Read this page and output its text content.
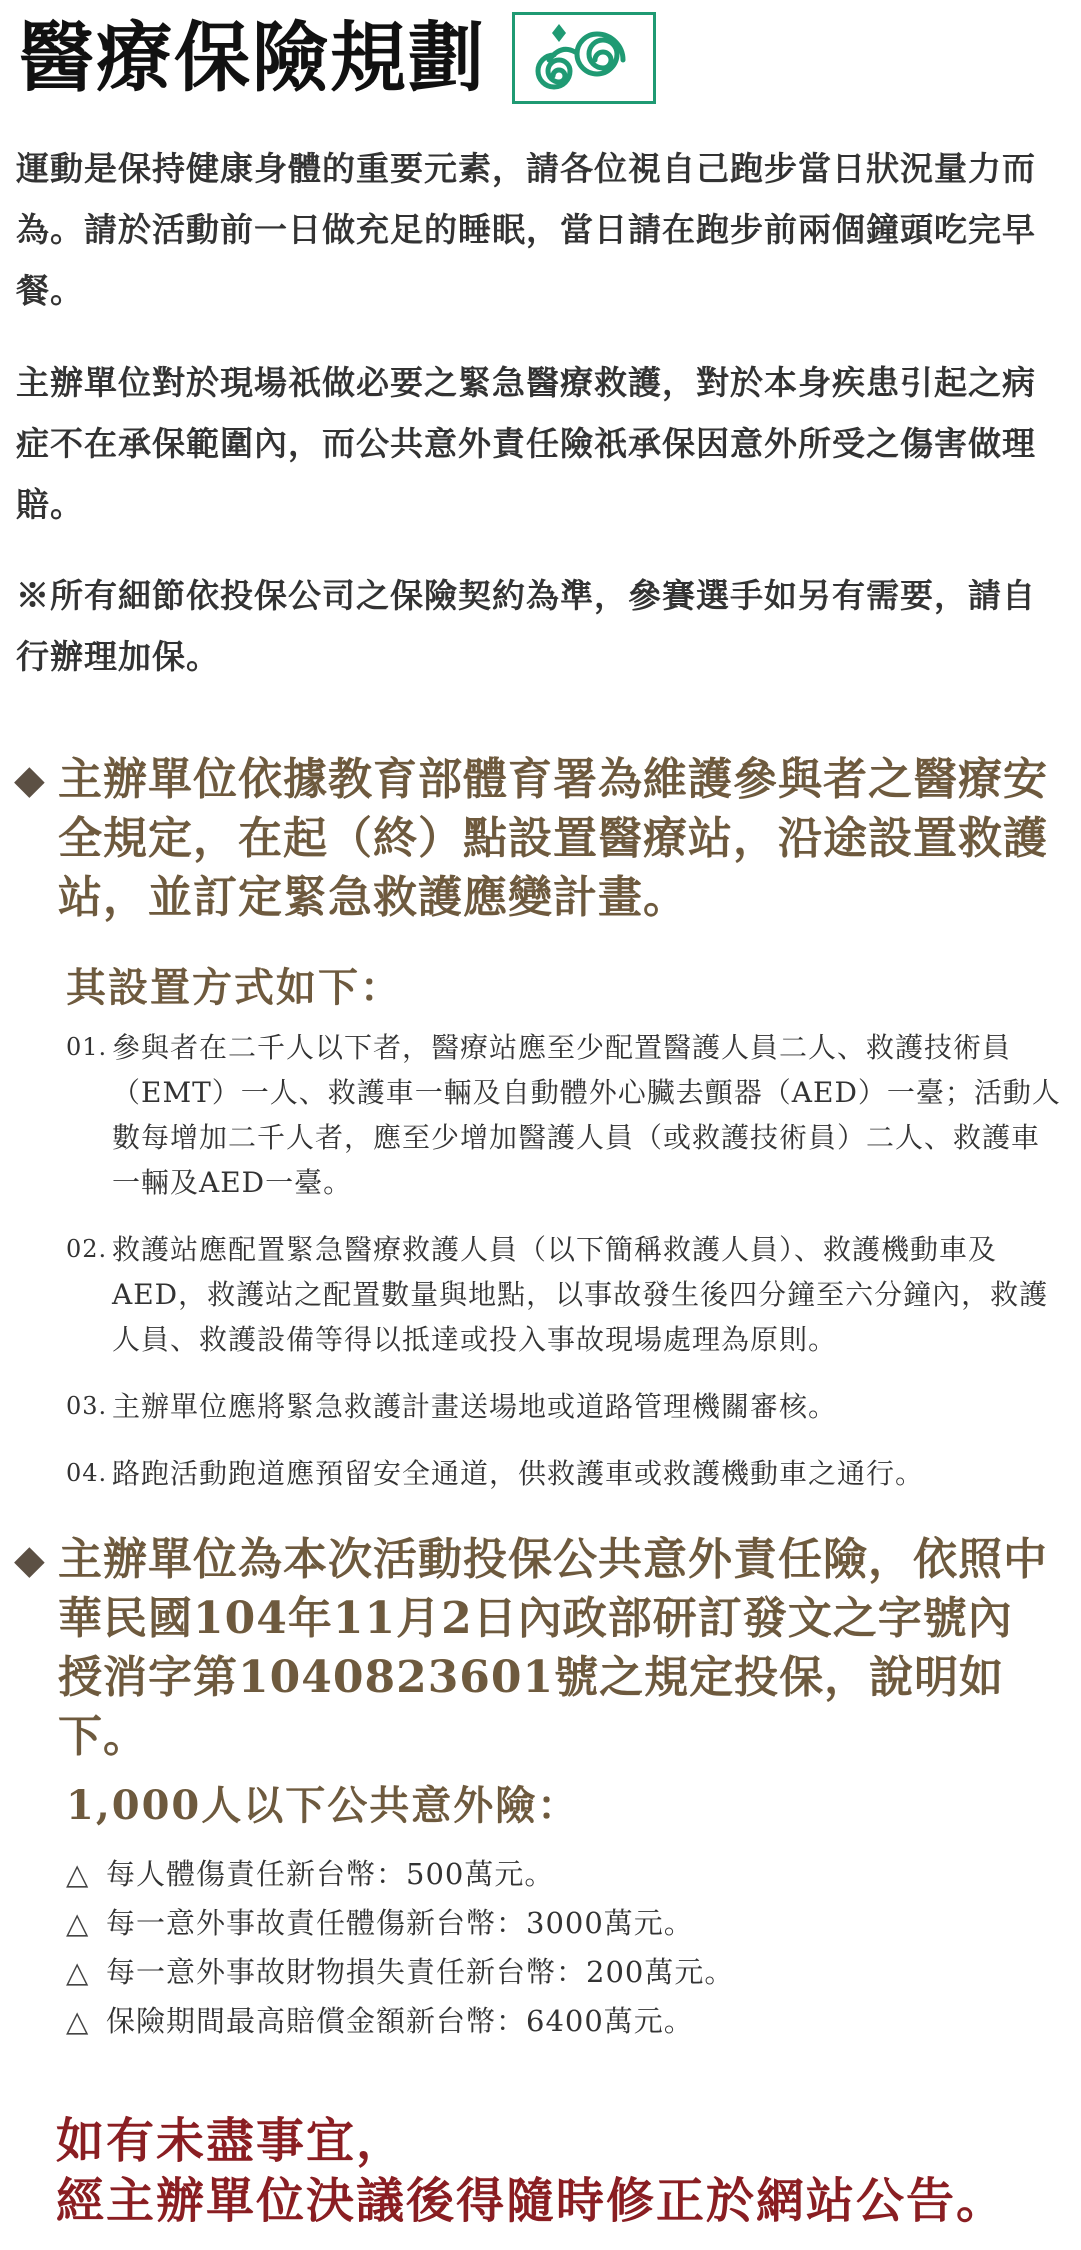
醫療保險規劃

運動是保持健康身體的重要元素，請各位視自己跑步當日狀況量力而為。請於活動前一日做充足的睡眠，當日請在跑步前兩個鐘頭吃完早餐。

主辦單位對於現場祇做必要之緊急醫療救護，對於本身疾患引起之病症不在承保範圍內，而公共意外責任險祇承保因意外所受之傷害做理賠。

※所有細節依投保公司之保險契約為準，參賽選手如另有需要，請自行辦理加保。

◆ 主辦單位依據教育部體育署為維護參與者之醫療安全規定，在起（終）點設置醫療站，沿途設置救護站，並訂定緊急救護應變計畫。
其設置方式如下：
01. 參與者在二千人以下者，醫療站應至少配置醫護人員二人、救護技術員（EMT）一人、救護車一輛及自動體外心臟去顫器（AED）一臺；活動人數每增加二千人者，應至少增加醫護人員（或救護技術員）二人、救護車一輛及AED一臺。
02. 救護站應配置緊急醫療救護人員（以下簡稱救護人員）、救護機動車及AED，救護站之配置數量與地點，以事故發生後四分鐘至六分鐘內，救護人員、救護設備等得以抵達或投入事故現場處理為原則。
03. 主辦單位應將緊急救護計畫送場地或道路管理機關審核。
04. 路跑活動跑道應預留安全通道，供救護車或救護機動車之通行。
◆ 主辦單位為本次活動投保公共意外責任險，依照中華民國104年11月2日內政部研訂發文之字號內授消字第1040823601號之規定投保，說明如下。
1,000人以下公共意外險：
△ 每人體傷責任新台幣：500萬元。
△ 每一意外事故責任體傷新台幣：3000萬元。
△ 每一意外事故財物損失責任新台幣：200萬元。
△ 保險期間最高賠償金額新台幣：6400萬元。
如有未盡事宜，
經主辦單位決議後得隨時修正於網站公告。
